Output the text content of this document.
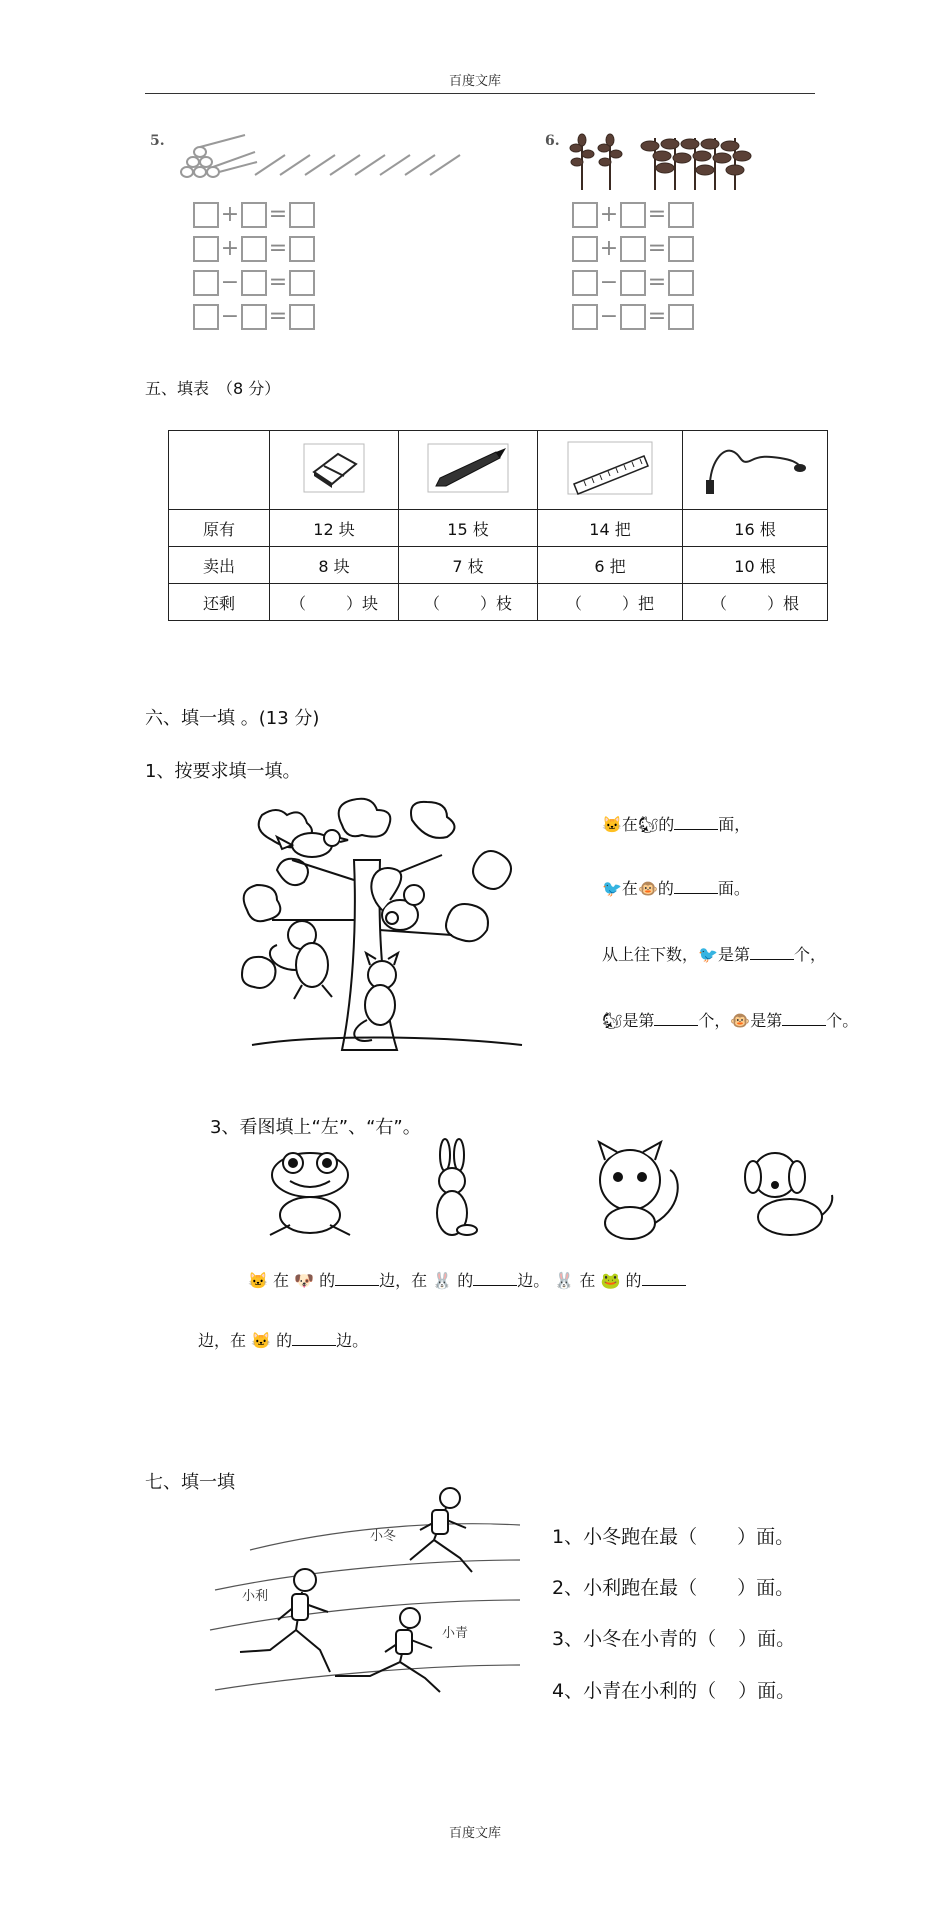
百度文库
5.
+ =
+ =
− =
− =
6.
+ =
+ =
− =
− =
五、填表　（8 分）

原有	12 块	15 枝	14 把	16 根
卖出	8 块	7 枝	6 把	10 根
还剩	（ ）块	（ ）枝	（ ）把	（ ）根
六、填一填 。(13 分)
1、按要求填一填。
🐱在🐿的	面，
🐦在🐵的	面。
从上往下数，🐦是第	个，
🐿是第	个，🐵是第	个。
3、看图填上“左”、“右”。
🐱 在 🐶 的	边，在 🐰 的	边。 🐰 在 🐸 的
边，在 🐱 的	边。
七、填一填
小冬
小利
小青
1、小冬跑在最（ ）面。
2、小利跑在最（ ）面。
3、小冬在小青的（ ）面。
4、小青在小利的（ ）面。
百度文库
